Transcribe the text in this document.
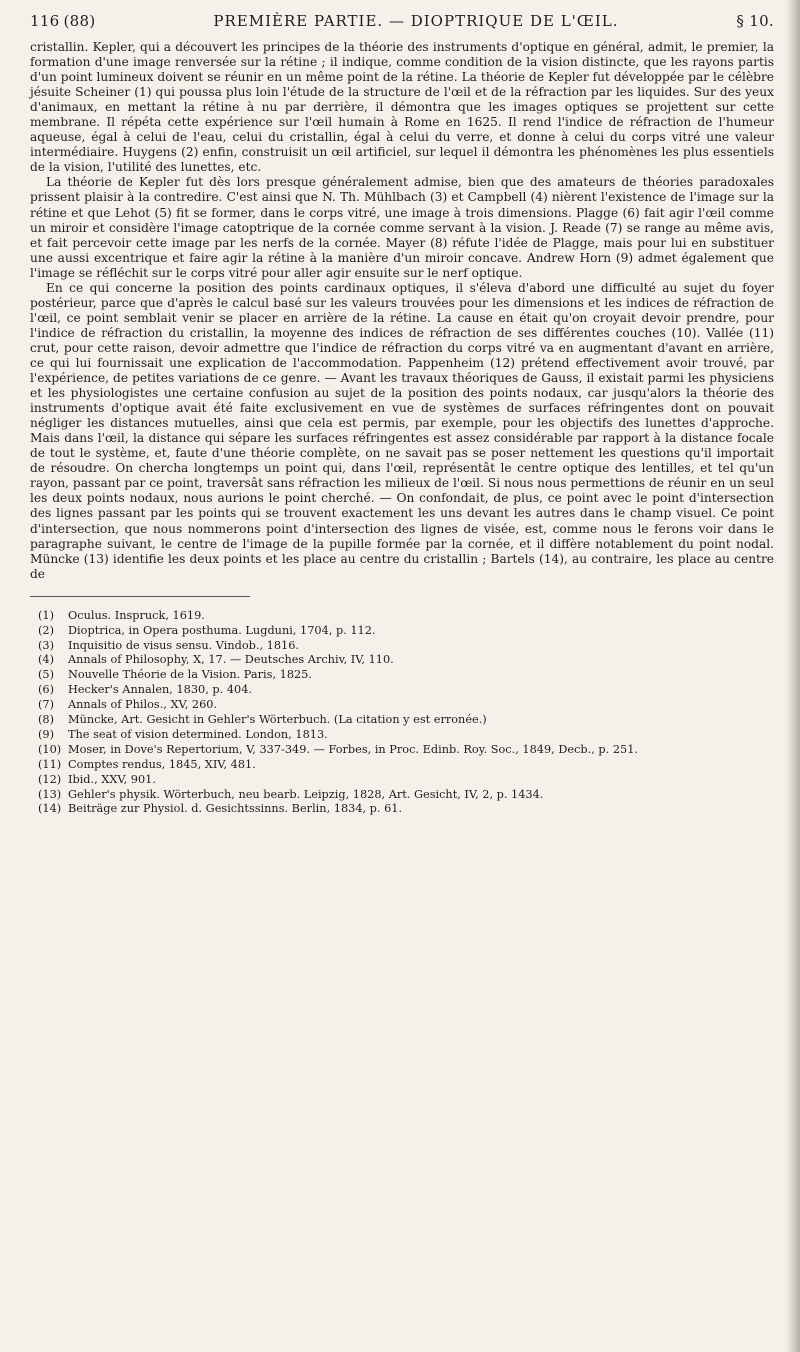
116 (88)	PREMIÈRE PARTIE. — DIOPTRIQUE DE L'ŒIL.	§ 10.

cristallin. Kepler, qui a découvert les principes de la théorie des instruments d'optique en général, admit, le premier, la formation d'une image renversée sur la rétine ; il indique, comme condition de la vision distincte, que les rayons partis d'un point lumineux doivent se réunir en un même point de la rétine. La théorie de Kepler fut développée par le célèbre jésuite Scheiner (1) qui poussa plus loin l'étude de la structure de l'œil et de la réfraction par les liquides. Sur des yeux d'animaux, en mettant la rétine à nu par derrière, il démontra que les images optiques se projettent sur cette membrane. Il répéta cette expérience sur l'œil humain à Rome en 1625. Il rend l'indice de réfraction de l'humeur aqueuse, égal à celui de l'eau, celui du cristallin, égal à celui du verre, et donne à celui du corps vitré une valeur intermédiaire. Huygens (2) enfin, construisit un œil artificiel, sur lequel il démontra les phénomènes les plus essentiels de la vision, l'utilité des lunettes, etc.

La théorie de Kepler fut dès lors presque généralement admise, bien que des amateurs de théories paradoxales prissent plaisir à la contredire. C'est ainsi que N. Th. Mühlbach (3) et Campbell (4) nièrent l'existence de l'image sur la rétine et que Lehot (5) fit se former, dans le corps vitré, une image à trois dimensions. Plagge (6) fait agir l'œil comme un miroir et considère l'image catoptrique de la cornée comme servant à la vision. J. Reade (7) se range au même avis, et fait percevoir cette image par les nerfs de la cornée. Mayer (8) réfute l'idée de Plagge, mais pour lui en substituer une aussi excentrique et faire agir la rétine à la manière d'un miroir concave. Andrew Horn (9) admet également que l'image se réfléchit sur le corps vitré pour aller agir ensuite sur le nerf optique.

En ce qui concerne la position des points cardinaux optiques, il s'éleva d'abord une difficulté au sujet du foyer postérieur, parce que d'après le calcul basé sur les valeurs trouvées pour les dimensions et les indices de réfraction de l'œil, ce point semblait venir se placer en arrière de la rétine. La cause en était qu'on croyait devoir prendre, pour l'indice de réfraction du cristallin, la moyenne des indices de réfraction de ses différentes couches (10). Vallée (11) crut, pour cette raison, devoir admettre que l'indice de réfraction du corps vitré va en augmentant d'avant en arrière, ce qui lui fournissait une explication de l'accommodation. Pappenheim (12) prétend effectivement avoir trouvé, par l'expérience, de petites variations de ce genre. — Avant les travaux théoriques de Gauss, il existait parmi les physiciens et les physiologistes une certaine confusion au sujet de la position des points nodaux, car jusqu'alors la théorie des instruments d'optique avait été faite exclusivement en vue de systèmes de surfaces réfringentes dont on pouvait négliger les distances mutuelles, ainsi que cela est permis, par exemple, pour les objectifs des lunettes d'approche. Mais dans l'œil, la distance qui sépare les surfaces réfringentes est assez considérable par rapport à la distance focale de tout le système, et, faute d'une théorie complète, on ne savait pas se poser nettement les questions qu'il importait de résoudre. On chercha longtemps un point qui, dans l'œil, représentât le centre optique des lentilles, et tel qu'un rayon, passant par ce point, traversât sans réfraction les milieux de l'œil. Si nous nous permettions de réunir en un seul les deux points nodaux, nous aurions le point cherché. — On confondait, de plus, ce point avec le point d'intersection des lignes passant par les points qui se trouvent exactement les uns devant les autres dans le champ visuel. Ce point d'intersection, que nous nommerons point d'intersection des lignes de visée, est, comme nous le ferons voir dans le paragraphe suivant, le centre de l'image de la pupille formée par la cornée, et il diffère notablement du point nodal. Müncke (13) identifie les deux points et les place au centre du cristallin ; Bartels (14), au contraire, les place au centre de

(1)	Oculus. Inspruck, 1619.
(2)	Dioptrica, in Opera posthuma. Lugduni, 1704, p. 112.
(3)	Inquisitio de visus sensu. Vindob., 1816.
(4)	Annals of Philosophy, X, 17. — Deutsches Archiv, IV, 110.
(5)	Nouvelle Théorie de la Vision. Paris, 1825.
(6)	Hecker's Annalen, 1830, p. 404.
(7)	Annals of Philos., XV, 260.
(8)	Müncke, Art. Gesicht in Gehler's Wörterbuch. (La citation y est erronée.)
(9)	The seat of vision determined. London, 1813.
(10) Moser, in Dove's Repertorium, V, 337-349. — Forbes, in Proc. Edinb. Roy. Soc., 1849, Decb., p. 251.
(11) Comptes rendus, 1845, XIV, 481.
(12) Ibid., XXV, 901.
(13) Gehler's physik. Wörterbuch, neu bearb. Leipzig, 1828, Art. Gesicht, IV, 2, p. 1434.
(14) Beiträge zur Physiol. d. Gesichtssinns. Berlin, 1834, p. 61.
